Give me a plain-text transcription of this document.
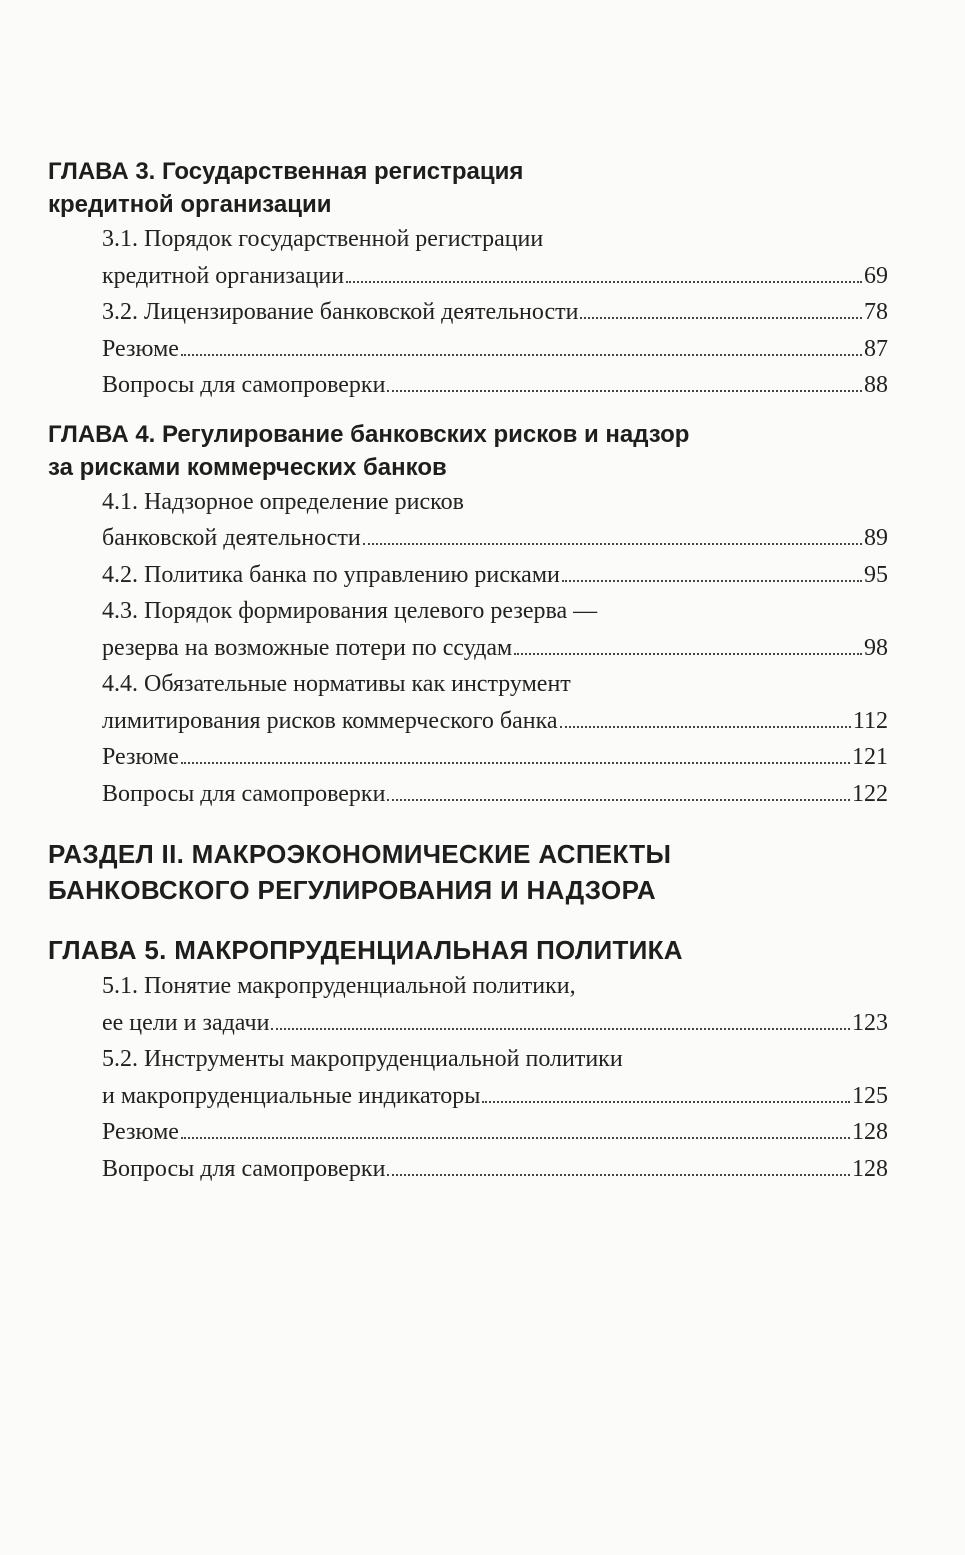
ГЛАВА 3. Государственная регистрация
кредитной организации
3.1. Порядок государственной регистрации
кредитной организации	69
3.2. Лицензирование банковской деятельности	78
Резюме	87
Вопросы для самопроверки	88
ГЛАВА 4. Регулирование банковских рисков и надзор
за рисками коммерческих банков
4.1. Надзорное определение рисков
банковской деятельности	89
4.2. Политика банка по управлению рисками	95
4.3. Порядок формирования целевого резерва —
резерва на возможные потери по ссудам	98
4.4. Обязательные нормативы как инструмент
лимитирования рисков коммерческого банка	112
Резюме	121
Вопросы для самопроверки	122
РАЗДЕЛ II. МАКРОЭКОНОМИЧЕСКИЕ АСПЕКТЫ
БАНКОВСКОГО РЕГУЛИРОВАНИЯ И НАДЗОРА
ГЛАВА 5. МАКРОПРУДЕНЦИАЛЬНАЯ ПОЛИТИКА
5.1. Понятие макропруденциальной политики,
ее цели и задачи	123
5.2. Инструменты макропруденциальной политики
и макропруденциальные индикаторы	125
Резюме	128
Вопросы для самопроверки	128
